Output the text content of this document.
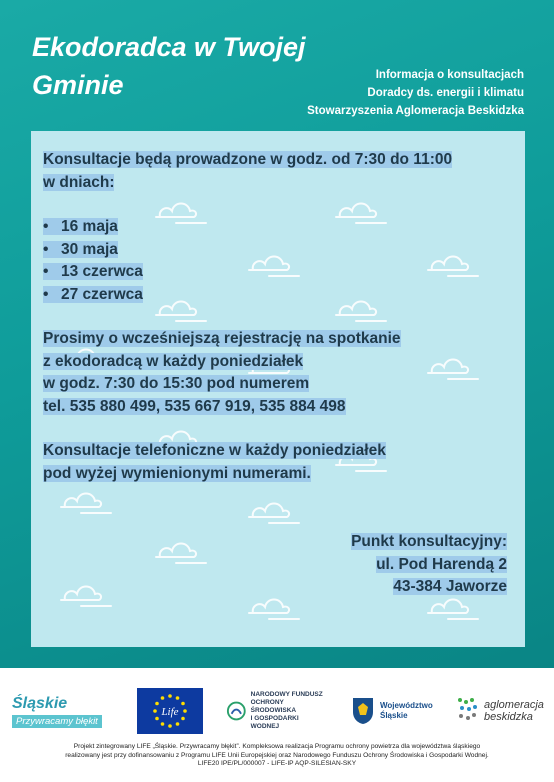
Ekodoradca w Twojej Gminie	Informacja o konsultacjach
Doradcy ds. energii i klimatu
Stowarzyszenia Aglomeracja Beskidzka

Konsultacje będą prowadzone w godz. od 7:30 do 11:00
w dniach:

• 16 maja
• 30 maja
• 13 czerwca
• 27 czerwca

Prosimy o wcześniejszą rejestrację na spotkanie
z ekodoradcą w każdy poniedziałek
w godz. 7:30 do 15:30 pod numerem
tel. 535 880 499, 535 667 919, 535 884 498

Konsultacje telefoniczne w każdy poniedziałek
pod wyżej wymienionymi numerami.

Punkt konsultacyjny:
ul. Pod Harendą 2
43-384 Jaworze
Śląskie
Przywracamy błękit
Life
NARODOWY FUNDUSZ
OCHRONY ŚRODOWISKA
I GOSPODARKI WODNEJ
Województwo
Śląskie
aglomeracja
beskidzka
Projekt zintegrowany LIFE „Śląskie. Przywracamy błękit”. Kompleksowa realizacja Programu ochrony powietrza dla województwa śląskiego
realizowany jest przy dofinansowaniu z Programu LIFE Unii Europejskiej oraz Narodowego Funduszu Ochrony Środowiska i Gospodarki Wodnej.
LIFE20 IPE/PL/000007 - LIFE-IP AQP-SILESIAN-SKY
